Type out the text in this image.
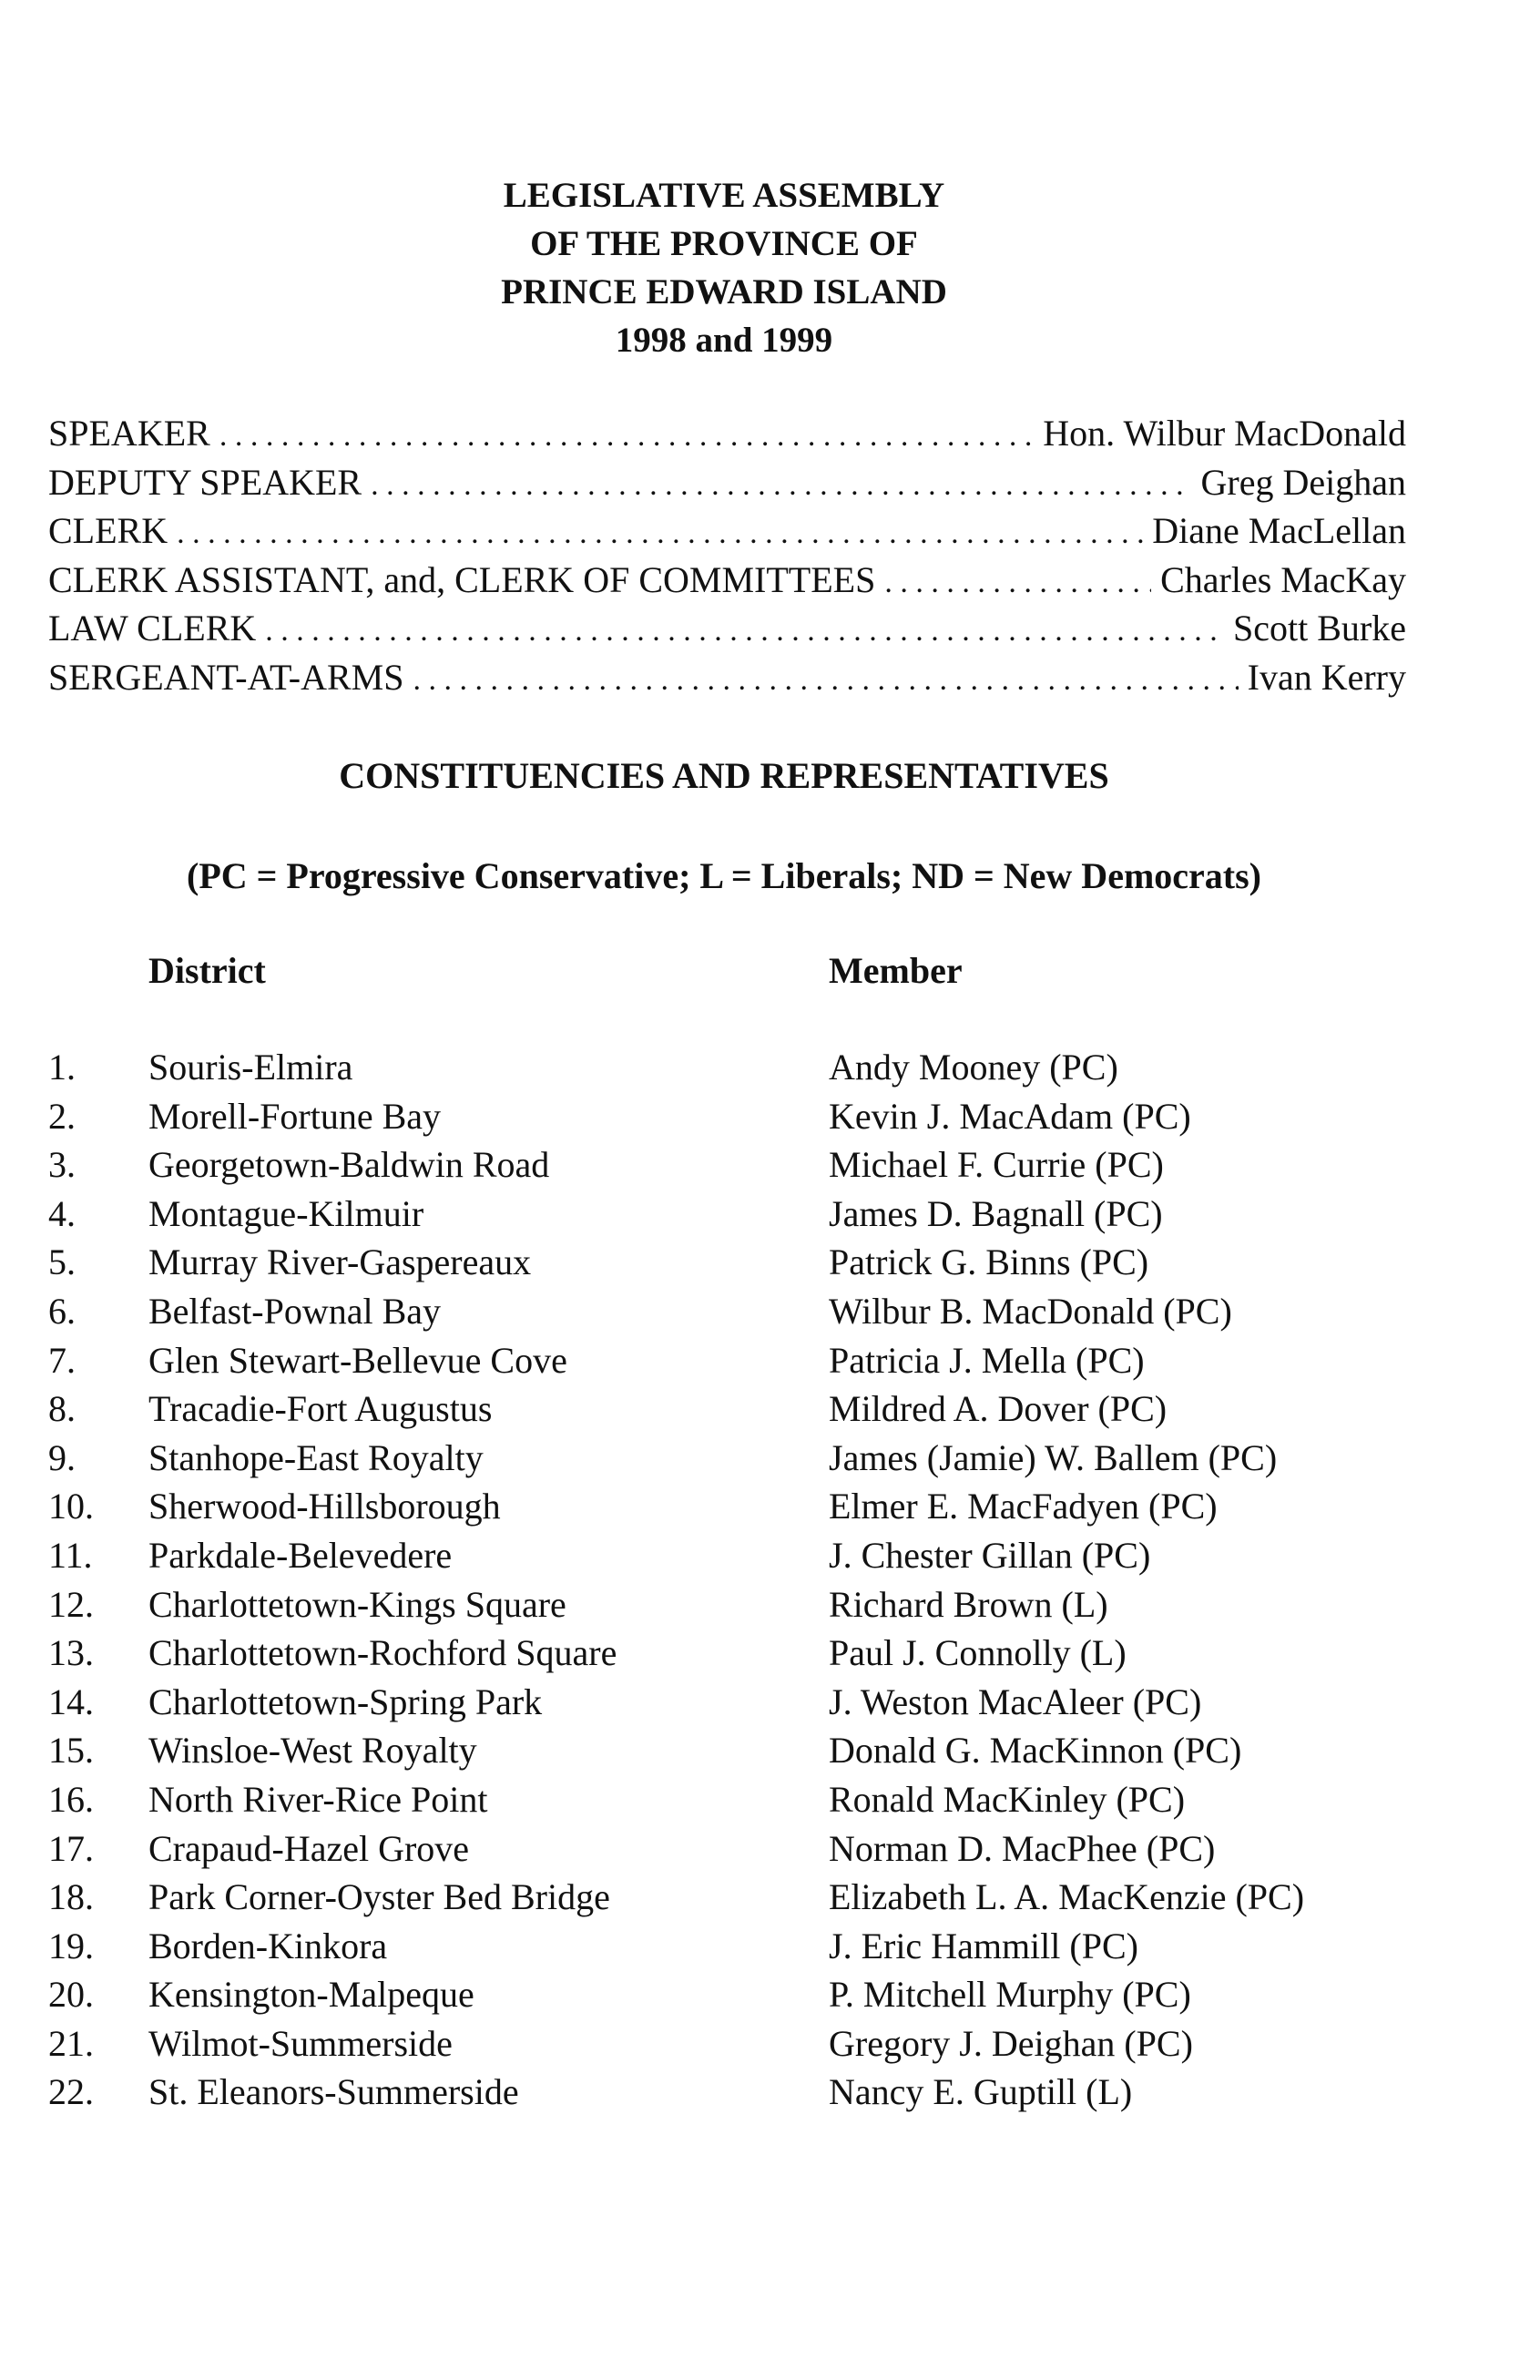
LEGISLATIVE ASSEMBLY
OF THE PROVINCE OF
PRINCE EDWARD ISLAND
1998 and 1999
SPEAKER . . .	Hon. Wilbur MacDonald
DEPUTY SPEAKER . . .	Greg Deighan
CLERK . . .	Diane MacLellan
CLERK ASSISTANT, and, CLERK OF COMMITTEES . . .	Charles MacKay
LAW CLERK . . .	Scott Burke
SERGEANT-AT-ARMS . . .	Ivan Kerry
CONSTITUENCIES AND REPRESENTATIVES
(PC = Progressive Conservative; L = Liberals; ND = New Democrats)
District	Member
1. Souris-Elmira	Andy Mooney (PC)
2. Morell-Fortune Bay	Kevin J. MacAdam (PC)
3. Georgetown-Baldwin Road	Michael F. Currie (PC)
4. Montague-Kilmuir	James D. Bagnall (PC)
5. Murray River-Gaspereaux	Patrick G. Binns (PC)
6. Belfast-Pownal Bay	Wilbur B. MacDonald (PC)
7. Glen Stewart-Bellevue Cove	Patricia J. Mella (PC)
8. Tracadie-Fort Augustus	Mildred A. Dover (PC)
9. Stanhope-East Royalty	James (Jamie) W. Ballem (PC)
10. Sherwood-Hillsborough	Elmer E. MacFadyen (PC)
11. Parkdale-Belevedere	J. Chester Gillan (PC)
12. Charlottetown-Kings Square	Richard Brown (L)
13. Charlottetown-Rochford Square	Paul J. Connolly (L)
14. Charlottetown-Spring Park	J. Weston MacAleer (PC)
15. Winsloe-West Royalty	Donald G. MacKinnon (PC)
16. North River-Rice Point	Ronald MacKinley (PC)
17. Crapaud-Hazel Grove	Norman D. MacPhee (PC)
18. Park Corner-Oyster Bed Bridge	Elizabeth L. A. MacKenzie (PC)
19. Borden-Kinkora	J. Eric Hammill (PC)
20. Kensington-Malpeque	P. Mitchell Murphy (PC)
21. Wilmot-Summerside	Gregory J. Deighan (PC)
22. St. Eleanors-Summerside	Nancy E. Guptill (L)
